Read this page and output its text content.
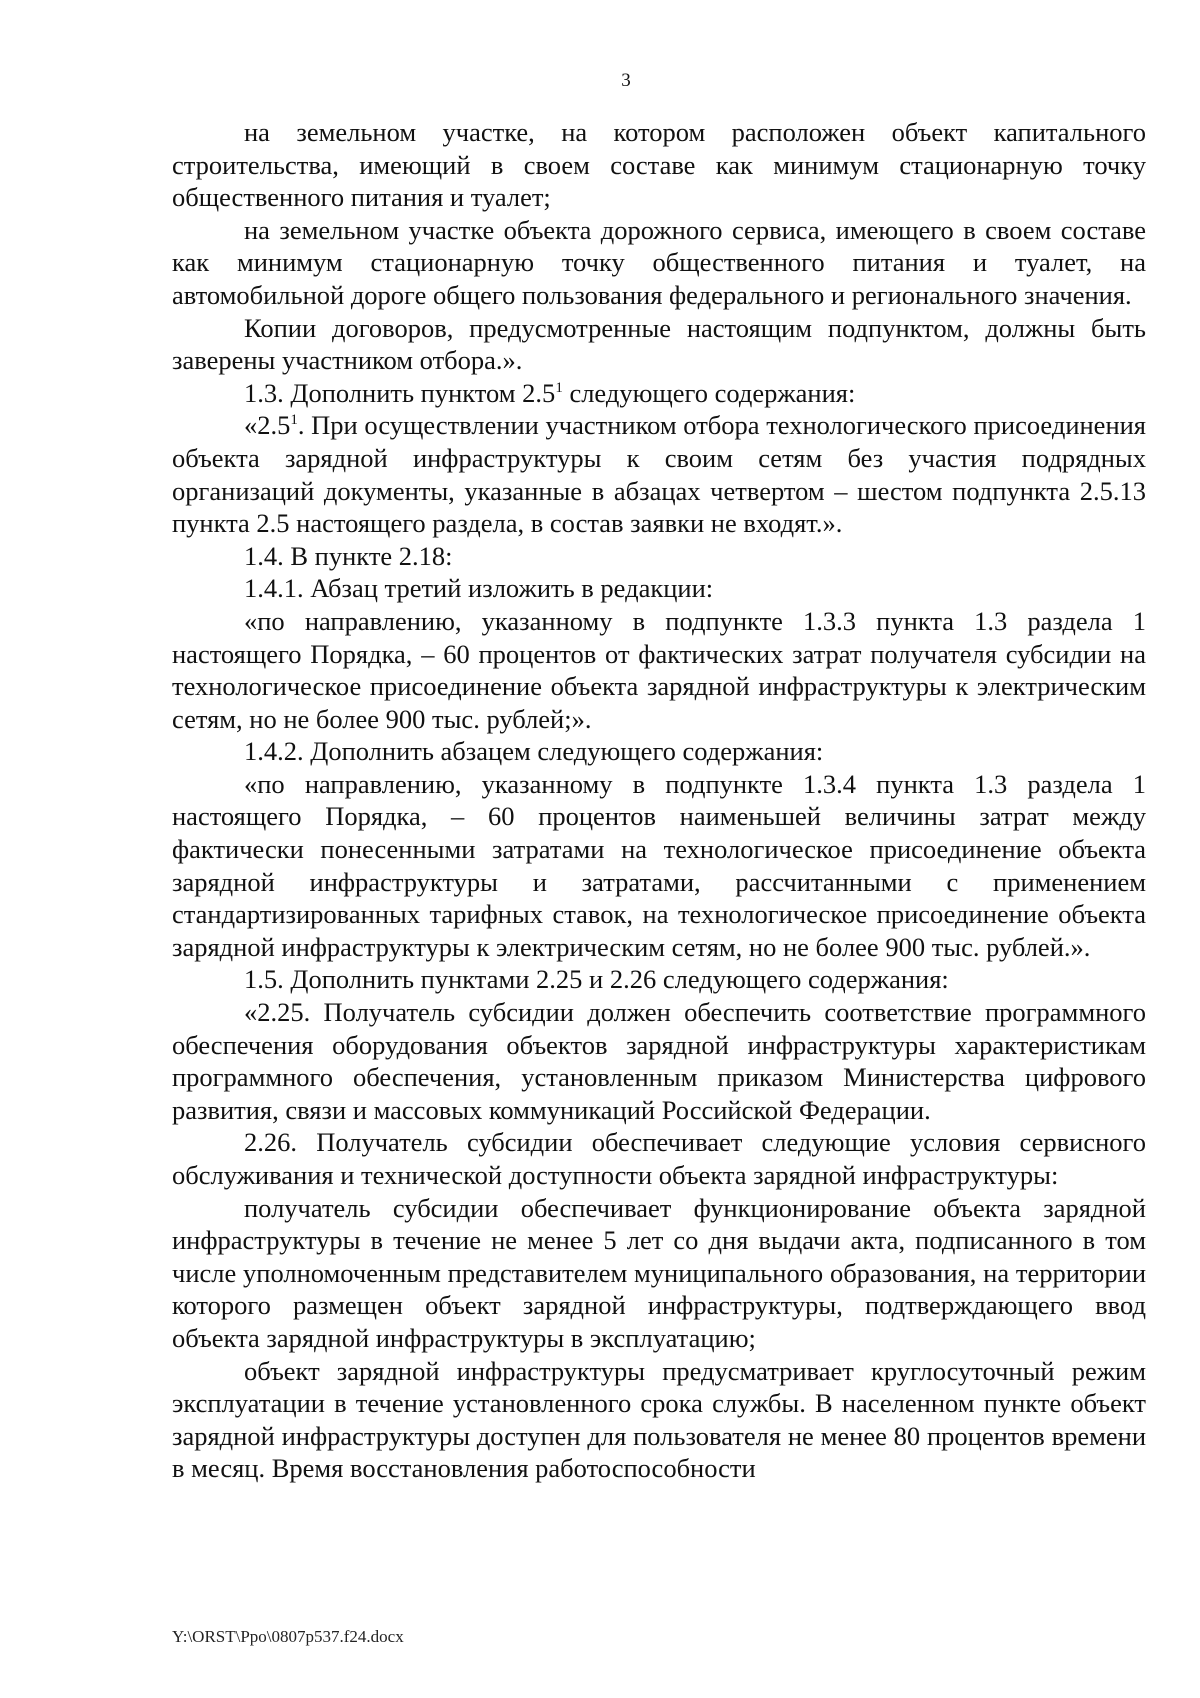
3

на земельном участке, на котором расположен объект капитального строительства, имеющий в своем составе как минимум стационарную точку общественного питания и туалет;

на земельном участке объекта дорожного сервиса, имеющего в своем составе как минимум стационарную точку общественного питания и туалет, на автомобильной дороге общего пользования федерального и регионального значения.

Копии договоров, предусмотренные настоящим подпунктом, должны быть заверены участником отбора.».

1.3. Дополнить пунктом $2.5^1$ следующего содержания:

«$2.5^1$. При осуществлении участником отбора технологического присоединения объекта зарядной инфраструктуры к своим сетям без участия подрядных организаций документы, указанные в абзацах четвертом – шестом подпункта 2.5.13 пункта 2.5 настоящего раздела, в состав заявки не входят.».

1.4. В пункте 2.18:

1.4.1. Абзац третий изложить в редакции:

«по направлению, указанному в подпункте 1.3.3 пункта 1.3 раздела 1 настоящего Порядка, – 60 процентов от фактических затрат получателя субсидии на технологическое присоединение объекта зарядной инфраструктуры к электрическим сетям, но не более 900 тыс. рублей;».

1.4.2. Дополнить абзацем следующего содержания:

«по направлению, указанному в подпункте 1.3.4 пункта 1.3 раздела 1 настоящего Порядка, – 60 процентов наименьшей величины затрат между фактически понесенными затратами на технологическое присоединение объекта зарядной инфраструктуры и затратами, рассчитанными с применением стандартизированных тарифных ставок, на технологическое присоединение объекта зарядной инфраструктуры к электрическим сетям, но не более 900 тыс. рублей.».

1.5. Дополнить пунктами 2.25 и 2.26 следующего содержания:

«2.25. Получатель субсидии должен обеспечить соответствие программного обеспечения оборудования объектов зарядной инфраструктуры характеристикам программного обеспечения, установленным приказом Министерства цифрового развития, связи и массовых коммуникаций Российской Федерации.

2.26. Получатель субсидии обеспечивает следующие условия сервисного обслуживания и технической доступности объекта зарядной инфраструктуры:

получатель субсидии обеспечивает функционирование объекта зарядной инфраструктуры в течение не менее 5 лет со дня выдачи акта, подписанного в том числе уполномоченным представителем муниципального образования, на территории которого размещен объект зарядной инфраструктуры, подтверждающего ввод объекта зарядной инфраструктуры в эксплуатацию;

объект зарядной инфраструктуры предусматривает круглосуточный режим эксплуатации в течение установленного срока службы. В населенном пункте объект зарядной инфраструктуры доступен для пользователя не менее 80 процентов времени в месяц. Время восстановления работоспособности

Y:\ORST\Ppo\0807p537.f24.docx
